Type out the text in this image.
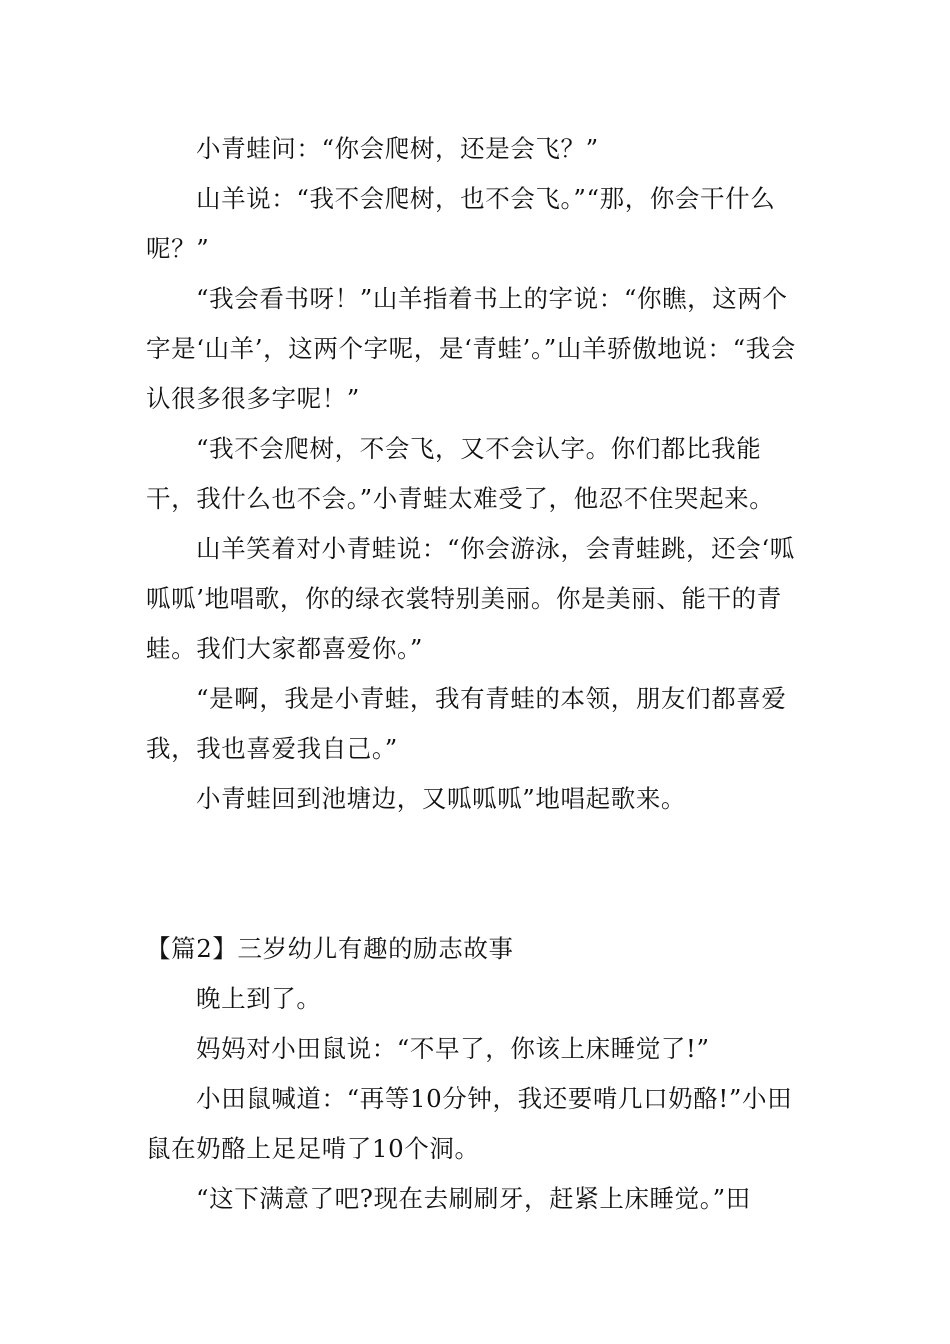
小青蛙问：“你会爬树，还是会飞？”

山羊说：“我不会爬树，也不会飞。”“那，你会干什么呢？”

“我会看书呀！”山羊指着书上的字说：“你瞧，这两个字是‘山羊’，这两个字呢，是‘青蛙’。”山羊骄傲地说：“我会认很多很多字呢！”

“我不会爬树，不会飞，又不会认字。你们都比我能干，我什么也不会。”小青蛙太难受了，他忍不住哭起来。

山羊笑着对小青蛙说：“你会游泳，会青蛙跳，还会‘呱呱呱’地唱歌，你的绿衣裳特别美丽。你是美丽、能干的青蛙。我们大家都喜爱你。”

“是啊，我是小青蛙，我有青蛙的本领，朋友们都喜爱我，我也喜爱我自己。”

小青蛙回到池塘边，又呱呱呱”地唱起歌来。

【篇2】三岁幼儿有趣的励志故事

晚上到了。

妈妈对小田鼠说：“不早了，你该上床睡觉了!”

小田鼠喊道：“再等10分钟，我还要啃几口奶酪!”小田鼠在奶酪上足足啃了10个洞。

“这下满意了吧?现在去刷刷牙，赶紧上床睡觉。”田
